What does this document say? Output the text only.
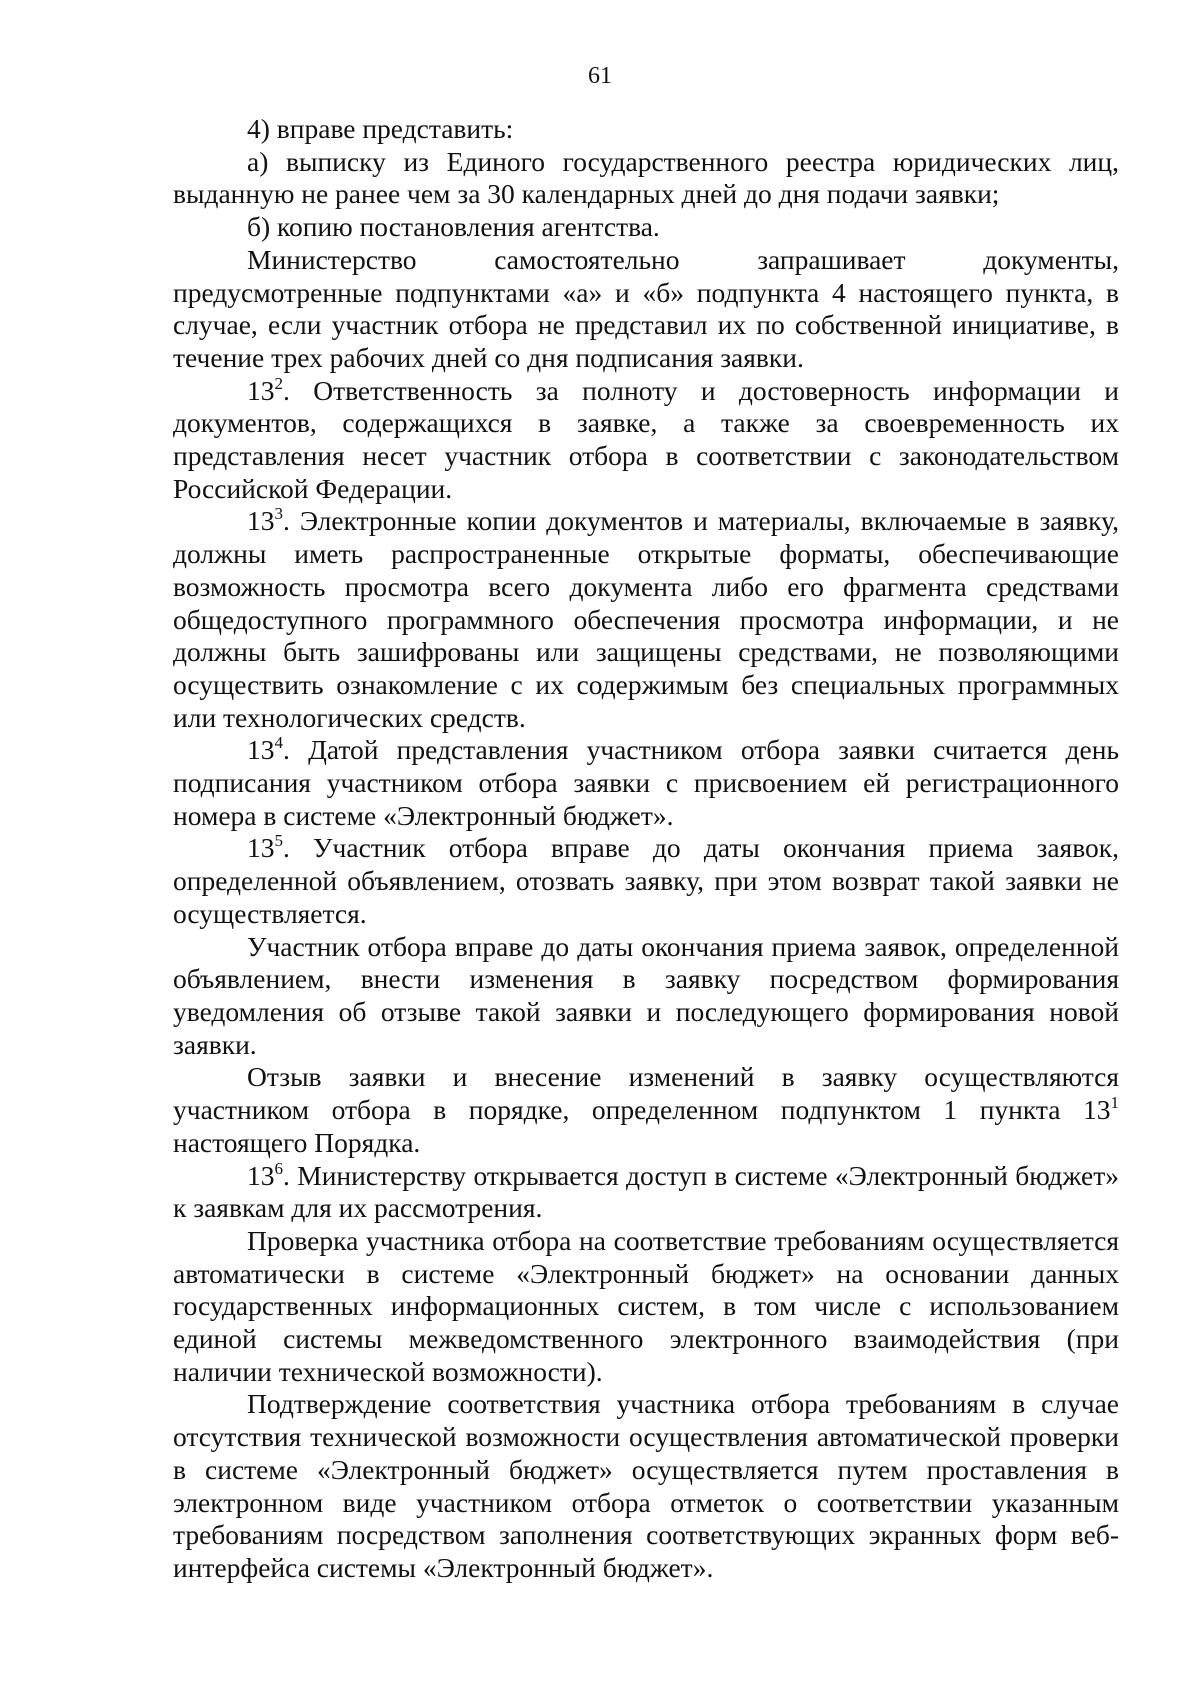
61

4) вправе представить:

а) выписку из Единого государственного реестра юридических лиц, выданную не ранее чем за 30 календарных дней до дня подачи заявки;

б) копию постановления агентства.

Министерство самостоятельно запрашивает документы, предусмотренные подпунктами «а» и «б» подпункта 4 настоящего пункта, в случае, если участник отбора не представил их по собственной инициативе, в течение трех рабочих дней со дня подписания заявки.

$13^2$. Ответственность за полноту и достоверность информации и документов, содержащихся в заявке, а также за своевременность их представления несет участник отбора в соответствии с законодательством Российской Федерации.

$13^3$. Электронные копии документов и материалы, включаемые в заявку, должны иметь распространенные открытые форматы, обеспечивающие возможность просмотра всего документа либо его фрагмента средствами общедоступного программного обеспечения просмотра информации, и не должны быть зашифрованы или защищены средствами, не позволяющими осуществить ознакомление с их содержимым без специальных программных или технологических средств.

$13^4$. Датой представления участником отбора заявки считается день подписания участником отбора заявки с присвоением ей регистрационного номера в системе «Электронный бюджет».

$13^5$. Участник отбора вправе до даты окончания приема заявок, определенной объявлением, отозвать заявку, при этом возврат такой заявки не осуществляется.

Участник отбора вправе до даты окончания приема заявок, определенной объявлением, внести изменения в заявку посредством формирования уведомления об отзыве такой заявки и последующего формирования новой заявки.

Отзыв заявки и внесение изменений в заявку осуществляются участником отбора в порядке, определенном подпунктом 1 пункта $13^1$ настоящего Порядка.

$13^6$. Министерству открывается доступ в системе «Электронный бюджет» к заявкам для их рассмотрения.

Проверка участника отбора на соответствие требованиям осуществляется автоматически в системе «Электронный бюджет» на основании данных государственных информационных систем, в том числе с использованием единой системы межведомственного электронного взаимодействия (при наличии технической возможности).

Подтверждение соответствия участника отбора требованиям в случае отсутствия технической возможности осуществления автоматической проверки в системе «Электронный бюджет» осуществляется путем проставления в электронном виде участником отбора отметок о соответствии указанным требованиям посредством заполнения соответствующих экранных форм веб-интерфейса системы «Электронный бюджет».
